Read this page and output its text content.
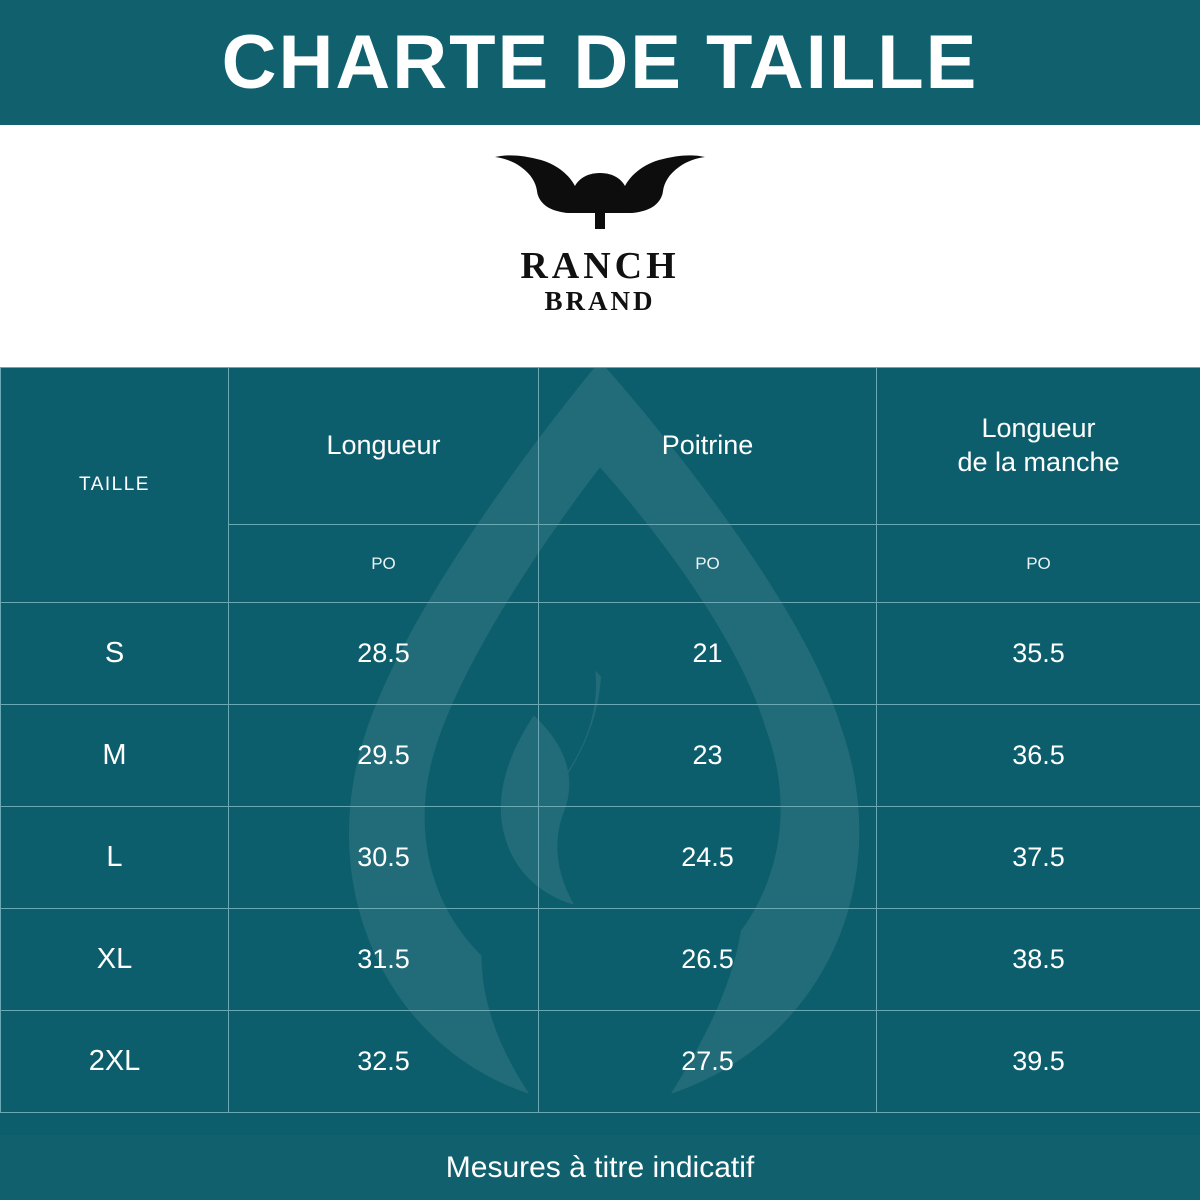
CHARTE DE TAILLE
RANCH
BRAND
TAILLE	Longueur	Poitrine	Longueur
de la manche

	PO	PO	PO
S	28.5	21	35.5
M	29.5	23	36.5
L	30.5	24.5	37.5
XL	31.5	26.5	38.5
2XL	32.5	27.5	39.5
Mesures à titre indicatif
